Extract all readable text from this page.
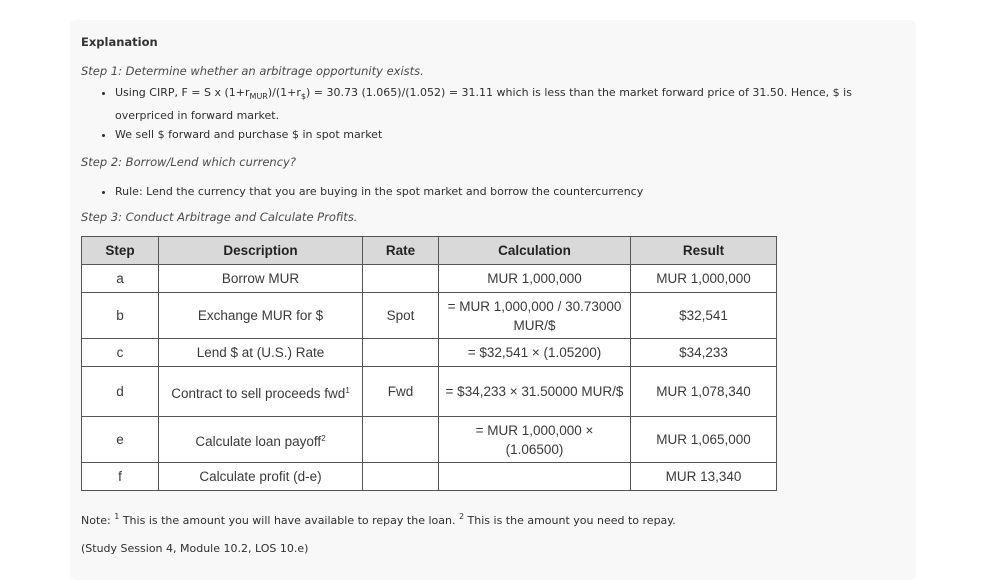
Explanation

Step 1: Determine whether an arbitrage opportunity exists.

• Using CIRP, F = S x $(1+r_{MUR})/(1+r_{\$}) = 30.73$ (1.065)/(1.052) = 31.11 which is less than the market forward price of 31.50. Hence, $ is overpriced in forward market.
• We sell $ forward and purchase $ in spot market

Step 2: Borrow/Lend which currency?

• Rule: Lend the currency that you are buying in the spot market and borrow the countercurrency

Step 3: Conduct Arbitrage and Calculate Profits.

Step	Description	Rate	Calculation	Result
a	Borrow MUR		MUR 1,000,000	MUR 1,000,000
b	Exchange MUR for $	Spot	= MUR 1,000,000 / 30.73000 MUR/$	$32,541
c	Lend $ at (U.S.) Rate		= $32,541 × (1.05200)	$34,233
d	Contract to sell proceeds fwd$^1$	Fwd	= $34,233 × 31.50000 MUR/$	MUR 1,078,340
e	Calculate loan payoff$^2$		= MUR 1,000,000 × (1.06500)	MUR 1,065,000
f	Calculate profit (d-e)			MUR 13,340

Note: $^1$ This is the amount you will have available to repay the loan. $^2$ This is the amount you need to repay.

(Study Session 4, Module 10.2, LOS 10.e)
